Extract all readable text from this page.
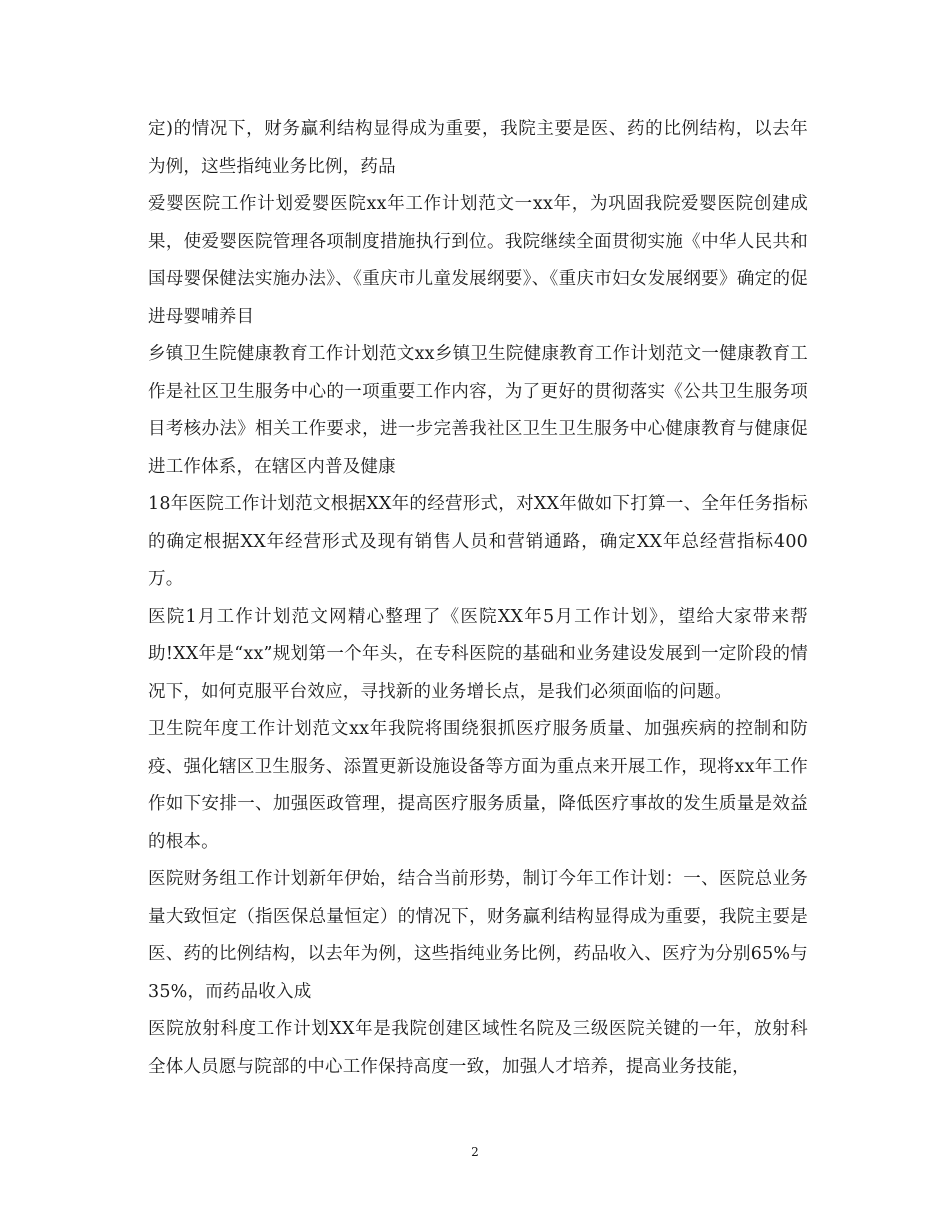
定)的情况下，财务赢利结构显得成为重要，我院主要是医、药的比例结构，以去年为例，这些指纯业务比例，药品

爱婴医院工作计划爱婴医院xx年工作计划范文一xx年，为巩固我院爱婴医院创建成果，使爱婴医院管理各项制度措施执行到位。我院继续全面贯彻实施《中华人民共和国母婴保健法实施办法》、《重庆市儿童发展纲要》、《重庆市妇女发展纲要》确定的促进母婴哺养目

乡镇卫生院健康教育工作计划范文xx乡镇卫生院健康教育工作计划范文一健康教育工作是社区卫生服务中心的一项重要工作内容，为了更好的贯彻落实《公共卫生服务项目考核办法》相关工作要求，进一步完善我社区卫生卫生服务中心健康教育与健康促进工作体系，在辖区内普及健康

18年医院工作计划范文根据XX年的经营形式，对XX年做如下打算一、全年任务指标的确定根据XX年经营形式及现有销售人员和营销通路，确定XX年总经营指标400万。

医院1月工作计划范文网精心整理了《医院XX年5月工作计划》，望给大家带来帮助!XX年是“xx”规划第一个年头，在专科医院的基础和业务建设发展到一定阶段的情况下，如何克服平台效应，寻找新的业务增长点，是我们必须面临的问题。

卫生院年度工作计划范文xx年我院将围绕狠抓医疗服务质量、加强疾病的控制和防疫、强化辖区卫生服务、添置更新设施设备等方面为重点来开展工作，现将xx年工作作如下安排一、加强医政管理，提高医疗服务质量，降低医疗事故的发生质量是效益的根本。

医院财务组工作计划新年伊始，结合当前形势，制订今年工作计划：一、医院总业务量大致恒定（指医保总量恒定）的情况下，财务赢利结构显得成为重要，我院主要是医、药的比例结构，以去年为例，这些指纯业务比例，药品收入、医疗为分别65%与35%，而药品收入成

医院放射科度工作计划XX年是我院创建区域性名院及三级医院关键的一年，放射科全体人员愿与院部的中心工作保持高度一致，加强人才培养，提高业务技能，

2
